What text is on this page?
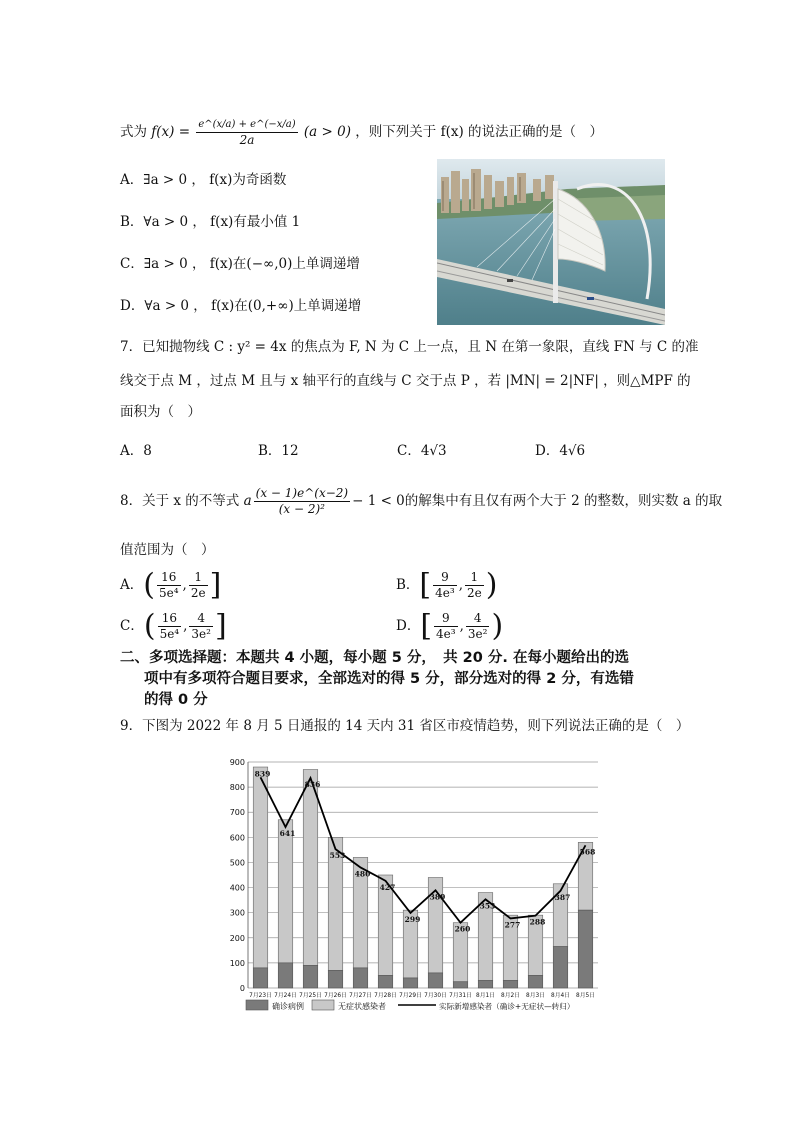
式为 $f(x) = \frac{e\^{}(x/a) + e\^{}(-x/a)}{2a} (a > 0)$ ，则下列关于 f(x) 的说法正确的是（　）
A．∃a > 0 ， f(x)为奇函数
B．∀a > 0 ， f(x)有最小值 1
C．∃a > 0 ， f(x)在(−∞,0)上单调递增
D．∀a > 0 ， f(x)在(0,+∞)上单调递增
7．已知抛物线 C : y² = 4x 的焦点为 F, N 为 C 上一点，且 N 在第一象限，直线 FN 与 C 的准
线交于点 M ，过点 M 且与 x 轴平行的直线与 C 交于点 P ，若 |MN| = 2|NF| ，则△MPF 的
面积为（　）
A．8	B．12	C．4√3	D．4√6
8．关于 x 的不等式 a $\frac{(x - 1)e\^{}(x-2)}{\text{(x − 2)²}} - 1 < 0$的解集中有且仅有两个大于 2 的整数，则实数 a 的取
值范围为（　）
A．( $\frac{16}{\text{5e⁴}}$ , $\frac{1}{2e}$ ]	B．[ $\frac{9}{\text{4e³}}$ , $\frac{1}{2e}$ )
C．( $\frac{16}{\text{5e⁴}}$ , $\frac{4}{\text{3e²}}$ ]	D．[ $\frac{9}{\text{4e³}}$ , $\frac{4}{\text{3e²}}$ )
二、多项选择题：本题共 4 小题，每小题 5 分，　共 20 分. 在每小题给出的选
项中有多项符合题目要求，全部选对的得 5 分，部分选对的得 2 分，有选错
的得 0 分
9．下图为 2022 年 8 月 5 日通报的 14 天内 31 省区市疫情趋势，则下列说法正确的是（　）
0
100
200
300
400
500
600
700
800
900
7月23日 7月24日 7月25日 7月26日 7月27日 7月28日 7月29日 7月30日 7月31日 8月1日 8月2日 8月3日 8月4日 8月5日
839
641
836
553
480
427
299
389
260
353
277 288
387
568
确诊病例	无症状感染者	实际新增感染者（确诊+无症状—转归）
